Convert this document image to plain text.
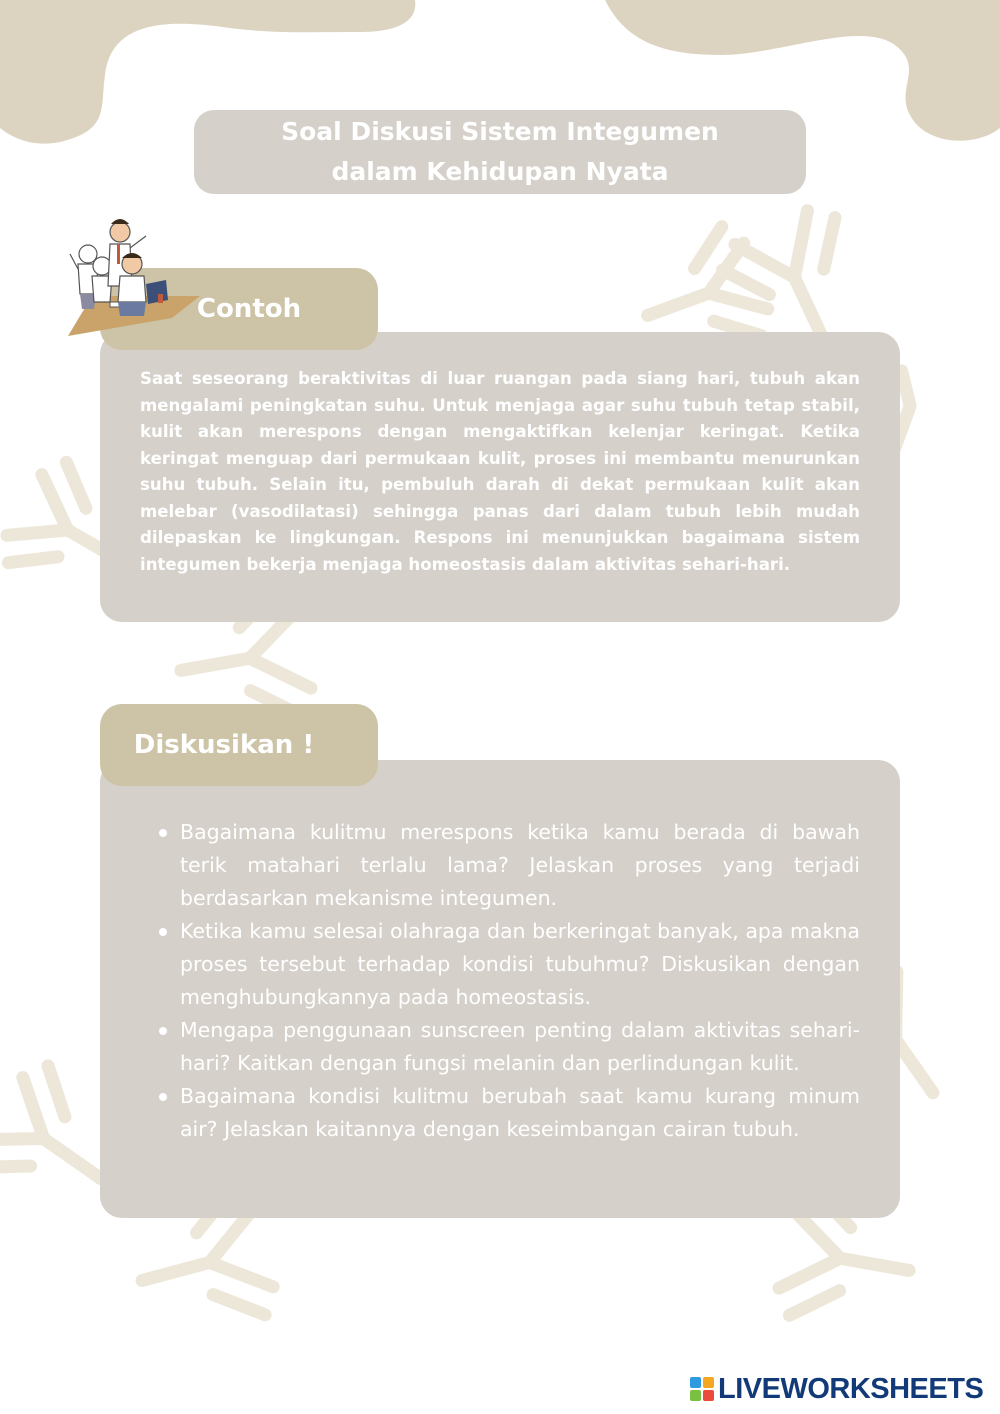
Soal Diskusi Sistem Integumen
dalam Kehidupan Nyata

Saat seseorang beraktivitas di luar ruangan pada siang hari, tubuh akan mengalami peningkatan suhu. Untuk menjaga agar suhu tubuh tetap stabil, kulit akan merespons dengan mengaktifkan kelenjar keringat. Ketika keringat menguap dari permukaan kulit, proses ini membantu menurunkan suhu tubuh. Selain itu, pembuluh darah di dekat permukaan kulit akan melebar (vasodilatasi) sehingga panas dari dalam tubuh lebih mudah dilepaskan ke lingkungan. Respons ini menunjukkan bagaimana sistem integumen bekerja menjaga homeostasis dalam aktivitas sehari-hari.

Contoh
Bagaimana kulitmu merespons ketika kamu berada di bawah terik matahari terlalu lama? Jelaskan proses yang terjadi berdasarkan mekanisme integumen.
Ketika kamu selesai olahraga dan berkeringat banyak, apa makna proses tersebut terhadap kondisi tubuhmu? Diskusikan dengan menghubungkannya pada homeostasis.
Mengapa penggunaan sunscreen penting dalam aktivitas sehari-hari? Kaitkan dengan fungsi melanin dan perlindungan kulit.
Bagaimana kondisi kulitmu berubah saat kamu kurang minum air? Jelaskan kaitannya dengan keseimbangan cairan tubuh.
Diskusikan !
LIVEWORKSHEETS
